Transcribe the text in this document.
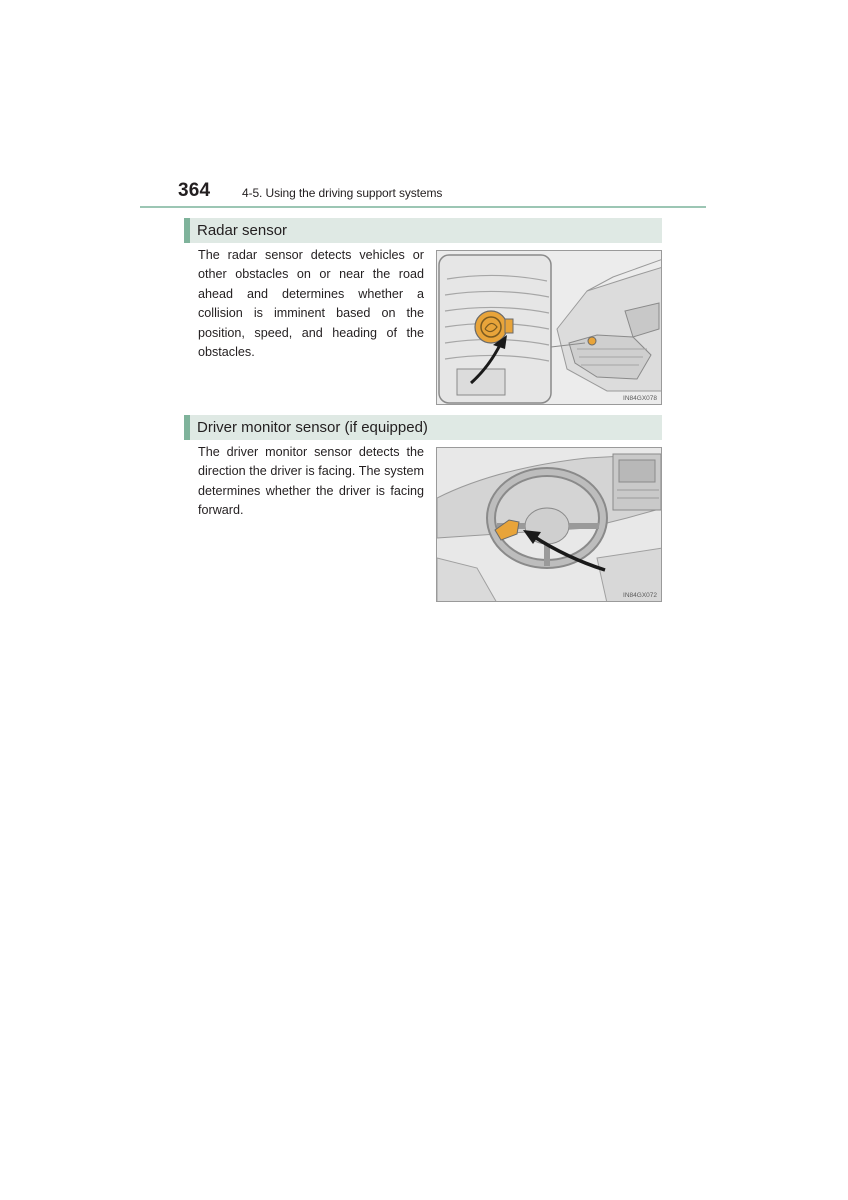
364	4-5. Using the driving support systems
Radar sensor
The radar sensor detects vehicles or other obstacles on or near the road ahead and determines whether a collision is imminent based on the position, speed, and heading of the obstacles.
IN84GX078
Driver monitor sensor (if equipped)
The driver monitor sensor detects the direction the driver is facing. The system determines whether the driver is facing forward.
IN84GX072
